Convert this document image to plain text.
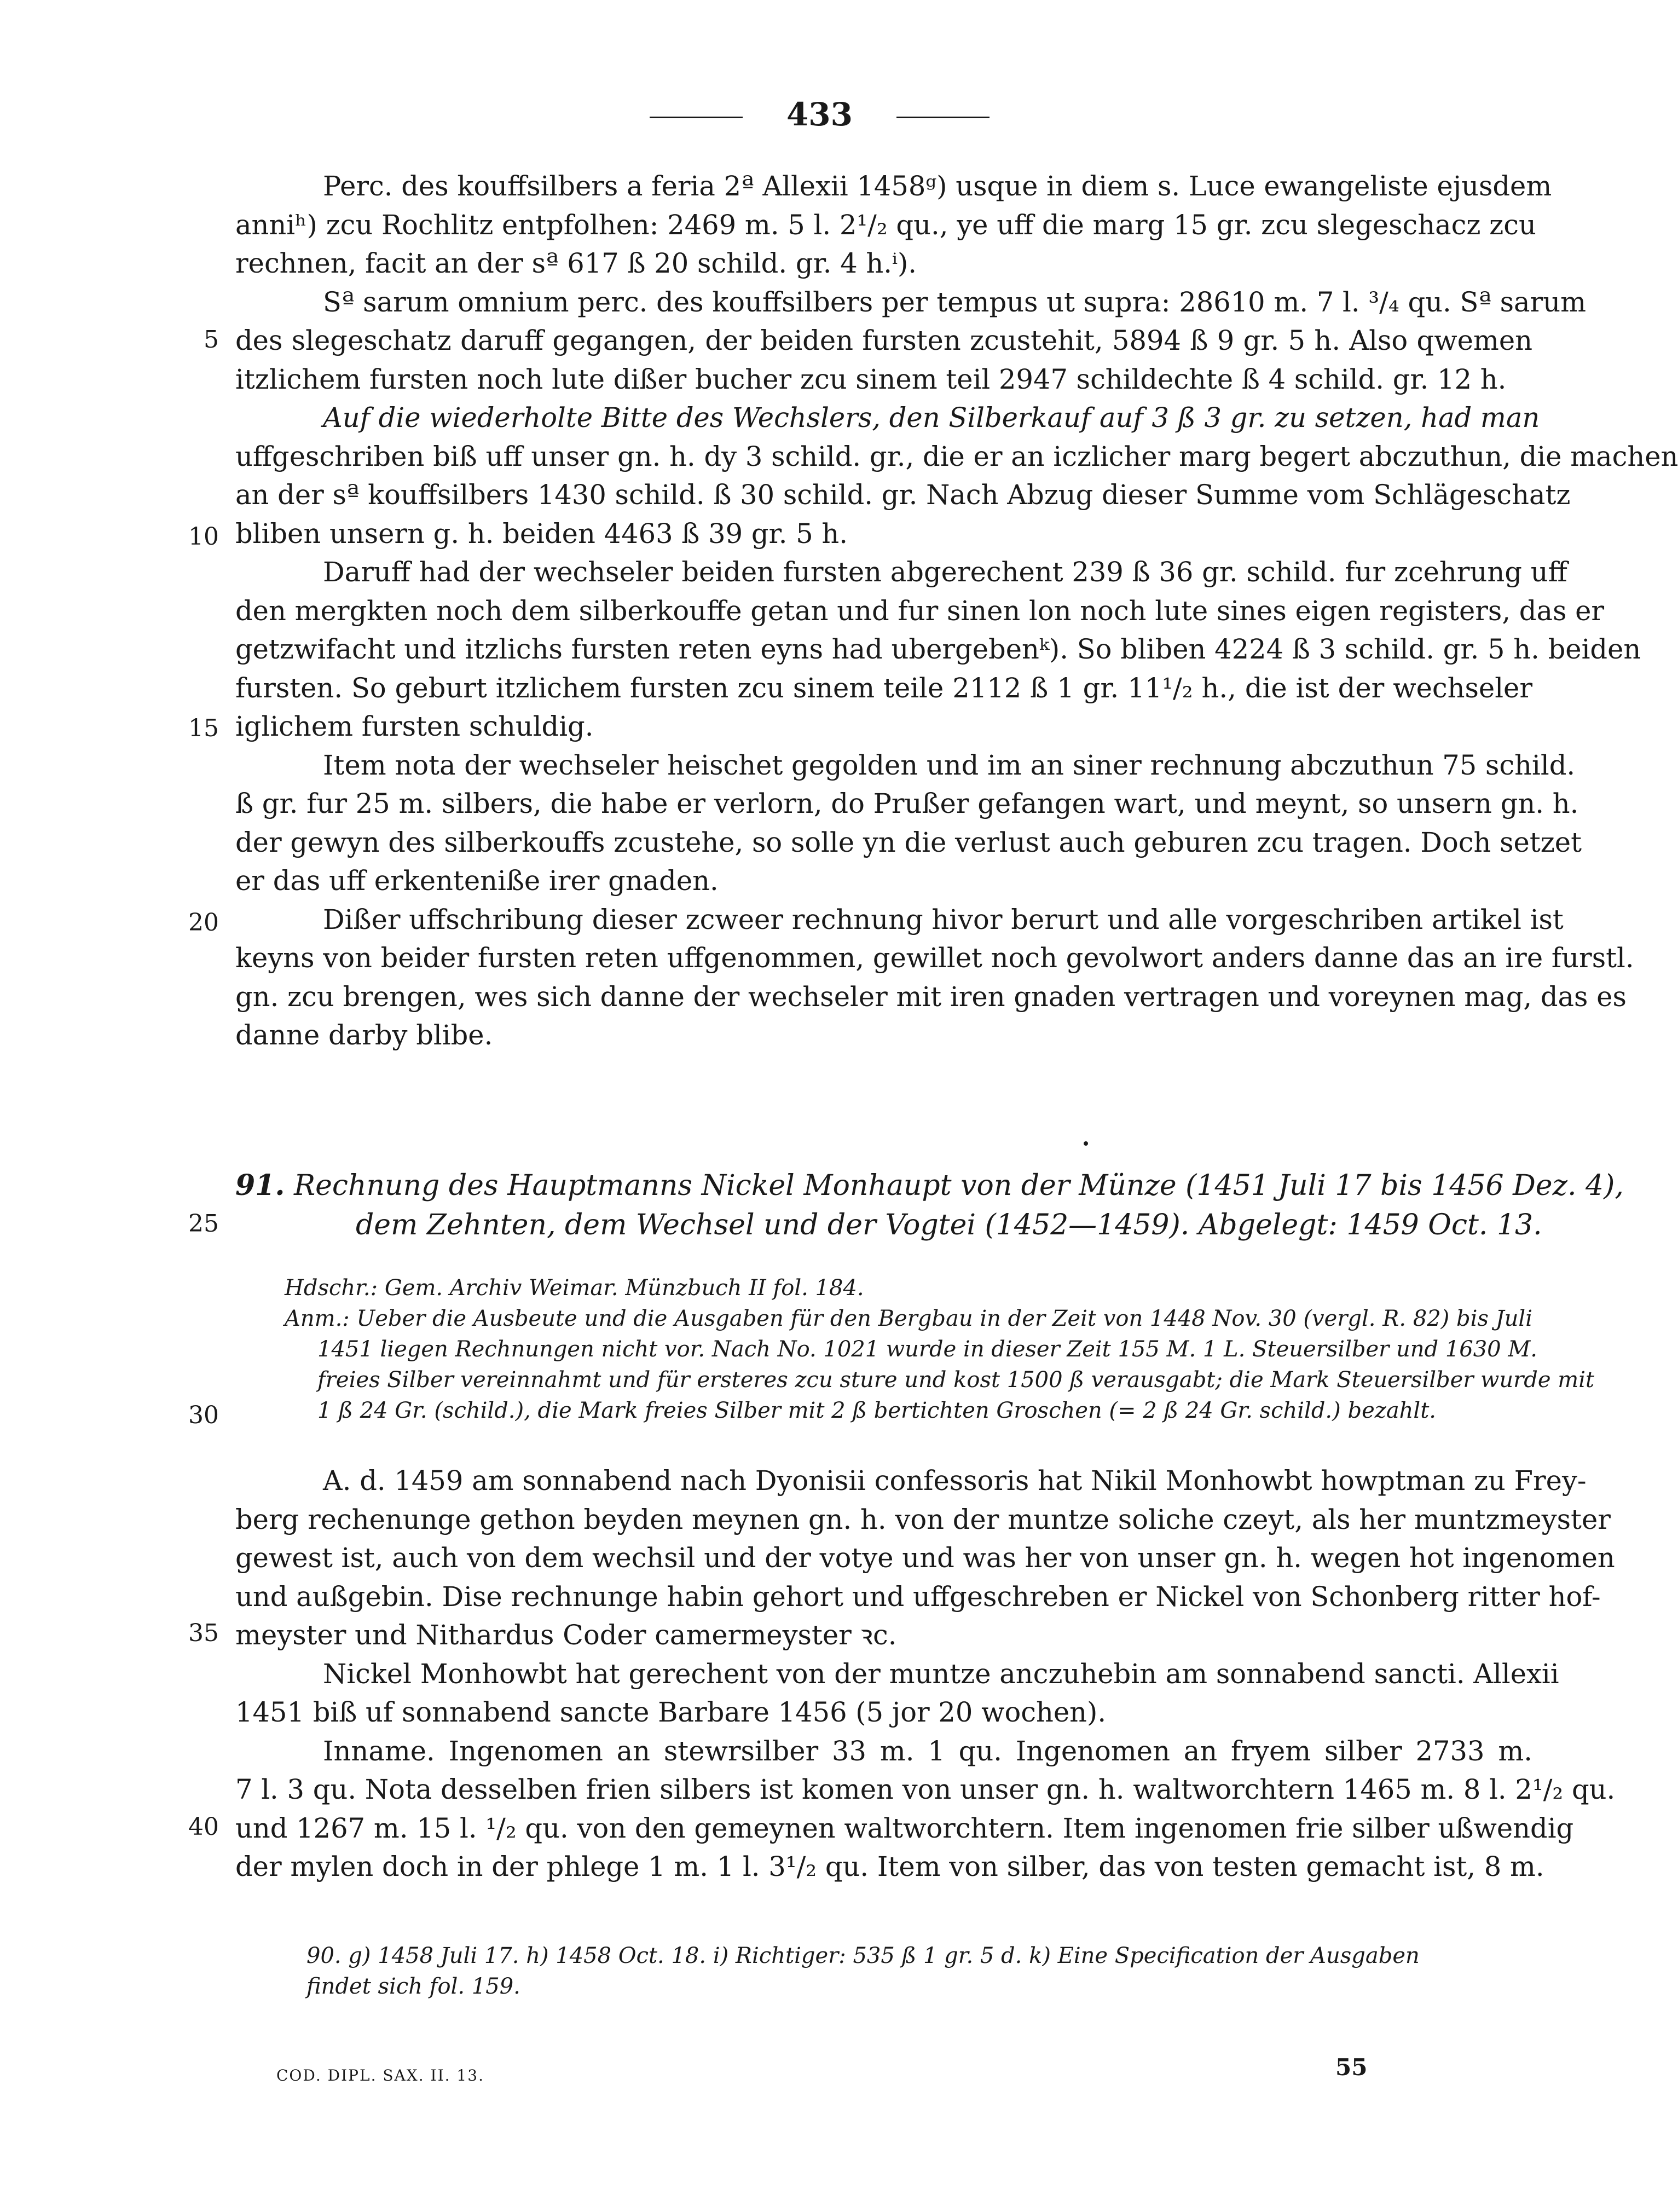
433
Perc. des kouffsilbers a feria 2ª Allexii 1458ᵍ) usque in diem s. Luce ewangeliste ejusdem
anniʰ) zcu Rochlitz entpfolhen: 2469 m. 5 l. 2¹/₂ qu., ye uff die marg 15 gr. zcu slegeschacz zcu
rechnen, facit an der sª 617 ß 20 schild. gr. 4 h.ⁱ).
Sª sarum omnium perc. des kouffsilbers per tempus ut supra: 28610 m. 7 l. ³/₄ qu. Sª sarum
des slegeschatz daruff gegangen, der beiden fursten zcustehit, 5894 ß 9 gr. 5 h. Also qwemen
itzlichem fursten noch lute dißer bucher zcu sinem teil 2947 schildechte ß 4 schild. gr. 12 h.
Auf die wiederholte Bitte des Wechslers, den Silberkauf auf 3 ß 3 gr. zu setzen, had man
uffgeschriben biß uff unser gn. h. dy 3 schild. gr., die er an iczlicher marg begert abczuthun, die machen
an der sª kouffsilbers 1430 schild. ß 30 schild. gr. Nach Abzug dieser Summe vom Schlägeschatz
bliben unsern g. h. beiden 4463 ß 39 gr. 5 h.
Daruff had der wechseler beiden fursten abgerechent 239 ß 36 gr. schild. fur zcehrung uff
den mergkten noch dem silberkouffe getan und fur sinen lon noch lute sines eigen registers, das er
getzwifacht und itzlichs fursten reten eyns had ubergebenᵏ). So bliben 4224 ß 3 schild. gr. 5 h. beiden
fursten. So geburt itzlichem fursten zcu sinem teile 2112 ß 1 gr. 11¹/₂ h., die ist der wechseler
iglichem fursten schuldig.
Item nota der wechseler heischet gegolden und im an siner rechnung abczuthun 75 schild.
ß gr. fur 25 m. silbers, die habe er verlorn, do Prußer gefangen wart, und meynt, so unsern gn. h.
der gewyn des silberkouffs zcustehe, so solle yn die verlust auch geburen zcu tragen. Doch setzet
er das uff erkenteniße irer gnaden.
Dißer uffschribung dieser zcweer rechnung hivor berurt und alle vorgeschriben artikel ist
keyns von beider fursten reten uffgenommen, gewillet noch gevolwort anders danne das an ire furstl.
gn. zcu brengen, wes sich danne der wechseler mit iren gnaden vertragen und voreynen mag, das es
danne darby blibe.
5
10
15
20
91. Rechnung des Hauptmanns Nickel Monhaupt von der Münze (1451 Juli 17 bis 1456 Dez. 4),
dem Zehnten, dem Wechsel und der Vogtei (1452—1459). Abgelegt: 1459 Oct. 13.
25
Hdschr.: Gem. Archiv Weimar. Münzbuch II fol. 184.
Anm.: Ueber die Ausbeute und die Ausgaben für den Bergbau in der Zeit von 1448 Nov. 30 (vergl. R. 82) bis Juli
1451 liegen Rechnungen nicht vor. Nach No. 1021 wurde in dieser Zeit 155 M. 1 L. Steuersilber und 1630 M.
freies Silber vereinnahmt und für ersteres zcu sture und kost 1500 ß verausgabt; die Mark Steuersilber wurde mit
1 ß 24 Gr. (schild.), die Mark freies Silber mit 2 ß bertichten Groschen (= 2 ß 24 Gr. schild.) bezahlt.
30
A. d. 1459 am sonnabend nach Dyonisii confessoris hat Nikil Monhowbt howptman zu Frey-
berg rechenunge gethon beyden meynen gn. h. von der muntze soliche czeyt, als her muntzmeyster
gewest ist, auch von dem wechsil und der votye und was her von unser gn. h. wegen hot ingenomen
und außgebin. Dise rechnunge habin gehort und uffgeschreben er Nickel von Schonberg ritter hof-
meyster und Nithardus Coder camermeyster ꝛc.
Nickel Monhowbt hat gerechent von der muntze anczuhebin am sonnabend sancti. Allexii
1451 biß uf sonnabend sancte Barbare 1456 (5 jor 20 wochen).
Inname. Ingenomen an stewrsilber 33 m. 1 qu. Ingenomen an fryem silber 2733 m.
7 l. 3 qu. Nota desselben frien silbers ist komen von unser gn. h. waltworchtern 1465 m. 8 l. 2¹/₂ qu.
und 1267 m. 15 l. ¹/₂ qu. von den gemeynen waltworchtern. Item ingenomen frie silber ußwendig
der mylen doch in der phlege 1 m. 1 l. 3¹/₂ qu. Item von silber, das von testen gemacht ist, 8 m.
35
40
90. g) 1458 Juli 17. h) 1458 Oct. 18. i) Richtiger: 535 ß 1 gr. 5 d. k) Eine Specification der Ausgaben
findet sich fol. 159.
COD. DIPL. SAX. II. 13.	55
